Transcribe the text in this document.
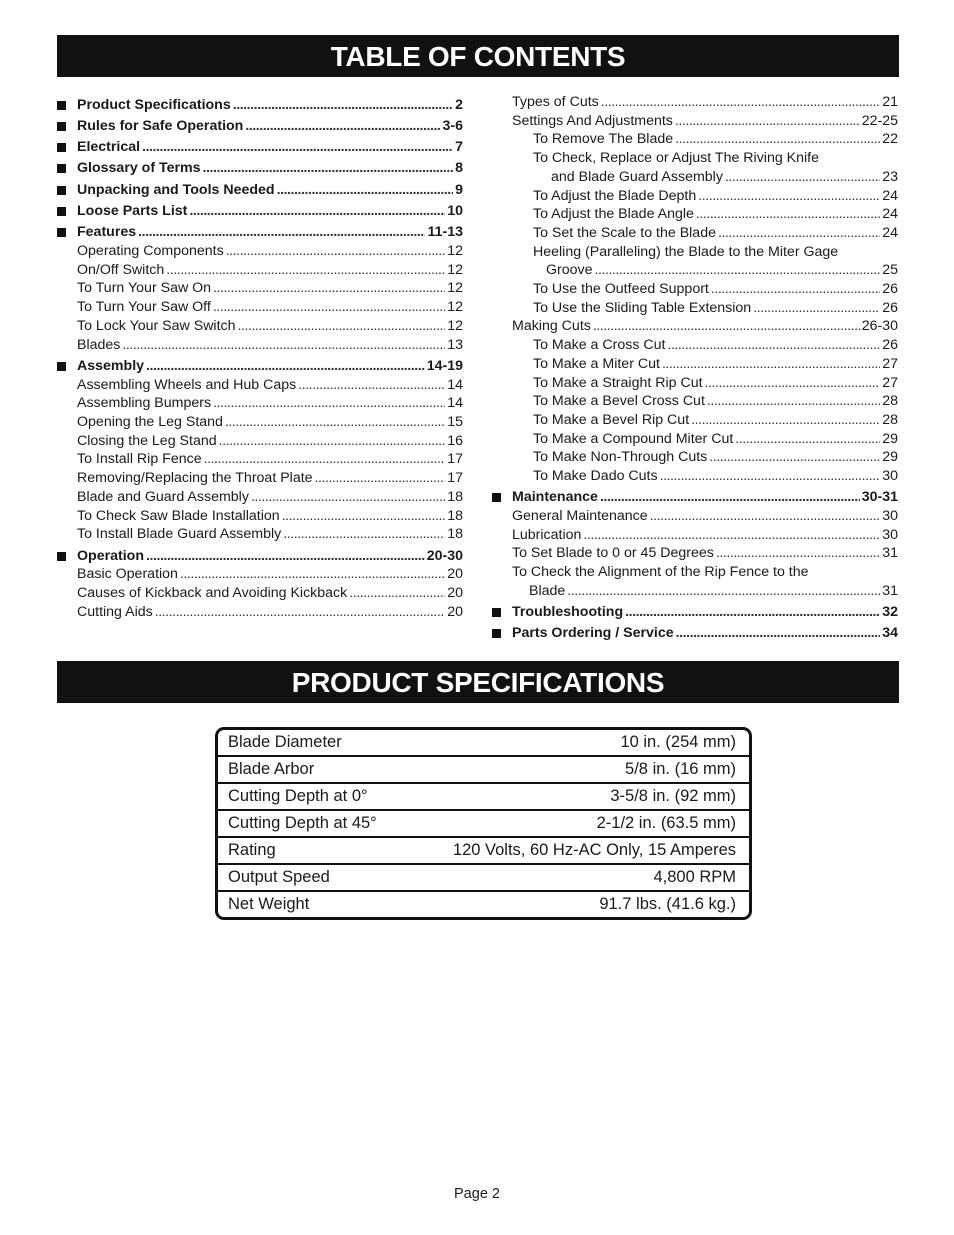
TABLE OF CONTENTS
Product Specifications . . .	2
Rules for Safe Operation . . .	3-6
Electrical . . .	7
Glossary of Terms . . .	8
Unpacking and Tools Needed . . .	9
Loose Parts List . . .	10
Features . . .	11-13
Operating Components . . .	12
On/Off Switch . . .	12
To Turn Your Saw On . . .	12
To Turn Your Saw Off . . .	12
To Lock Your Saw Switch . . .	12
Blades . . .	13
Assembly . . .	14-19
Assembling Wheels and Hub Caps . . .	14
Assembling Bumpers . . .	14
Opening the Leg Stand . . .	15
Closing the Leg Stand . . .	16
To Install Rip Fence . . .	17
Removing/Replacing the Throat Plate . . .	17
Blade and Guard Assembly . . .	18
To Check Saw Blade Installation . . .	18
To Install Blade Guard Assembly . . .	18
Operation . . .	20-30
Basic Operation . . .	20
Causes of Kickback and Avoiding Kickback . . .	20
Cutting Aids . . .	20
Types of Cuts . . .	21
Settings And Adjustments . . .	22-25
To Remove The Blade . . .	22
To Check, Replace or Adjust The Riving Knife
and Blade Guard Assembly . . .	23
To Adjust the Blade Depth . . .	24
To Adjust the Blade Angle . . .	24
To Set the Scale to the Blade . . .	24
Heeling (Paralleling) the Blade to the Miter Gage
Groove . . .	25
To Use the Outfeed Support . . .	26
To Use the Sliding Table Extension . . .	26
Making Cuts . . .	26-30
To Make a Cross Cut . . .	26
To Make a Miter Cut . . .	27
To Make a Straight Rip Cut . . .	27
To Make a Bevel Cross Cut . . .	28
To Make a Bevel Rip Cut . . .	28
To Make a Compound Miter Cut . . .	29
To Make Non-Through Cuts . . .	29
To Make Dado Cuts . . .	30
Maintenance . . .	30-31
General Maintenance . . .	30
Lubrication . . .	30
To Set Blade to 0 or 45 Degrees . . .	31
To Check the Alignment of the Rip Fence to the
Blade . . .	31
Troubleshooting . . .	32
Parts Ordering / Service . . .	34
PRODUCT SPECIFICATIONS
Blade Diameter	10 in. (254 mm)
Blade Arbor	5/8 in. (16 mm)
Cutting Depth at 0°	3-5/8 in. (92 mm)
Cutting Depth at 45°	2-1/2 in. (63.5 mm)
Rating	120 Volts, 60 Hz-AC Only, 15 Amperes
Output Speed	4,800 RPM
Net Weight	91.7 lbs. (41.6 kg.)
Page 2
